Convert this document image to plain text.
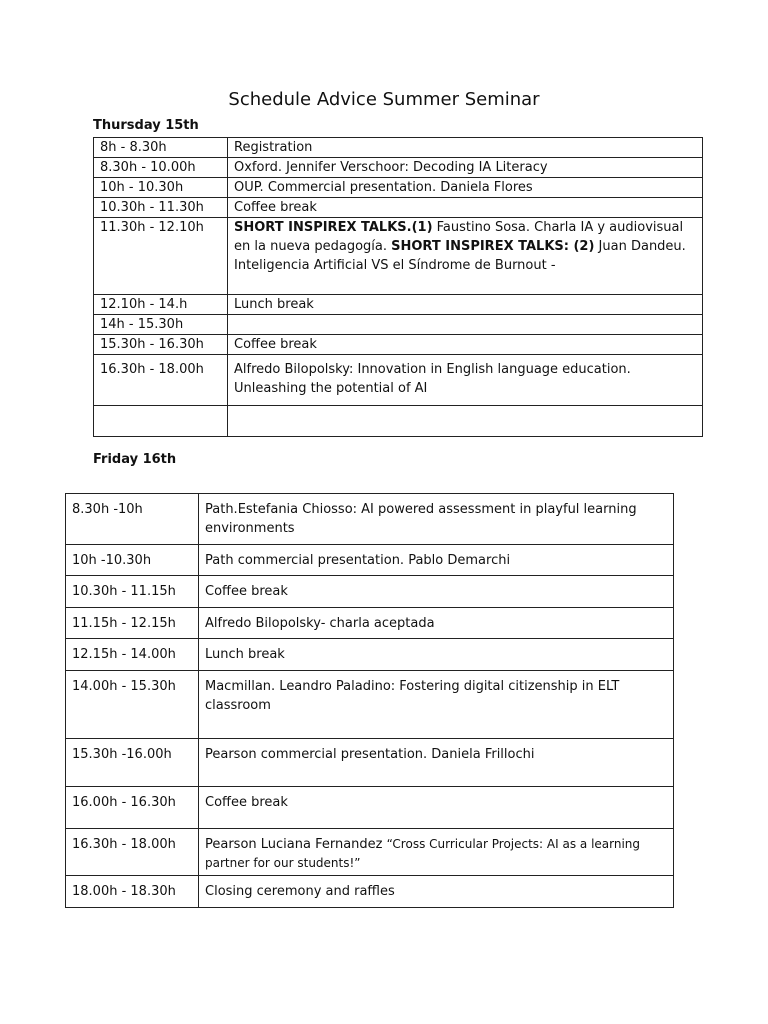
Schedule Advice Summer Seminar
Thursday 15th
8h - 8.30h	Registration
8.30h - 10.00h	Oxford. Jennifer Verschoor: Decoding IA Literacy
10h - 10.30h	OUP. Commercial presentation. Daniela Flores
10.30h - 11.30h	Coffee break
11.30h - 12.10h	SHORT INSPIREX TALKS.(1) Faustino Sosa. Charla IA y audiovisual en la nueva pedagogía. SHORT INSPIREX TALKS: (2) Juan Dandeu. Inteligencia Artificial VS el Síndrome de Burnout -
12.10h - 14.h	Lunch break
14h - 15.30h	
15.30h - 16.30h	Coffee break
16.30h - 18.00h	Alfredo Bilopolsky: Innovation in English language education. Unleashing the potential of AI

Friday 16th
8.30h -10h	Path.Estefania Chiosso: AI powered assessment in playful learning environments
10h -10.30h	Path commercial presentation. Pablo Demarchi
10.30h - 11.15h	Coffee break
11.15h - 12.15h	Alfredo Bilopolsky- charla aceptada
12.15h - 14.00h	Lunch break
14.00h - 15.30h	Macmillan. Leandro Paladino: Fostering digital citizenship in ELT classroom
15.30h -16.00h	Pearson commercial presentation. Daniela Frillochi
16.00h - 16.30h	Coffee break
16.30h - 18.00h	Pearson Luciana Fernandez “Cross Curricular Projects: AI as a learning partner for our students!”
18.00h - 18.30h	Closing ceremony and raffles
